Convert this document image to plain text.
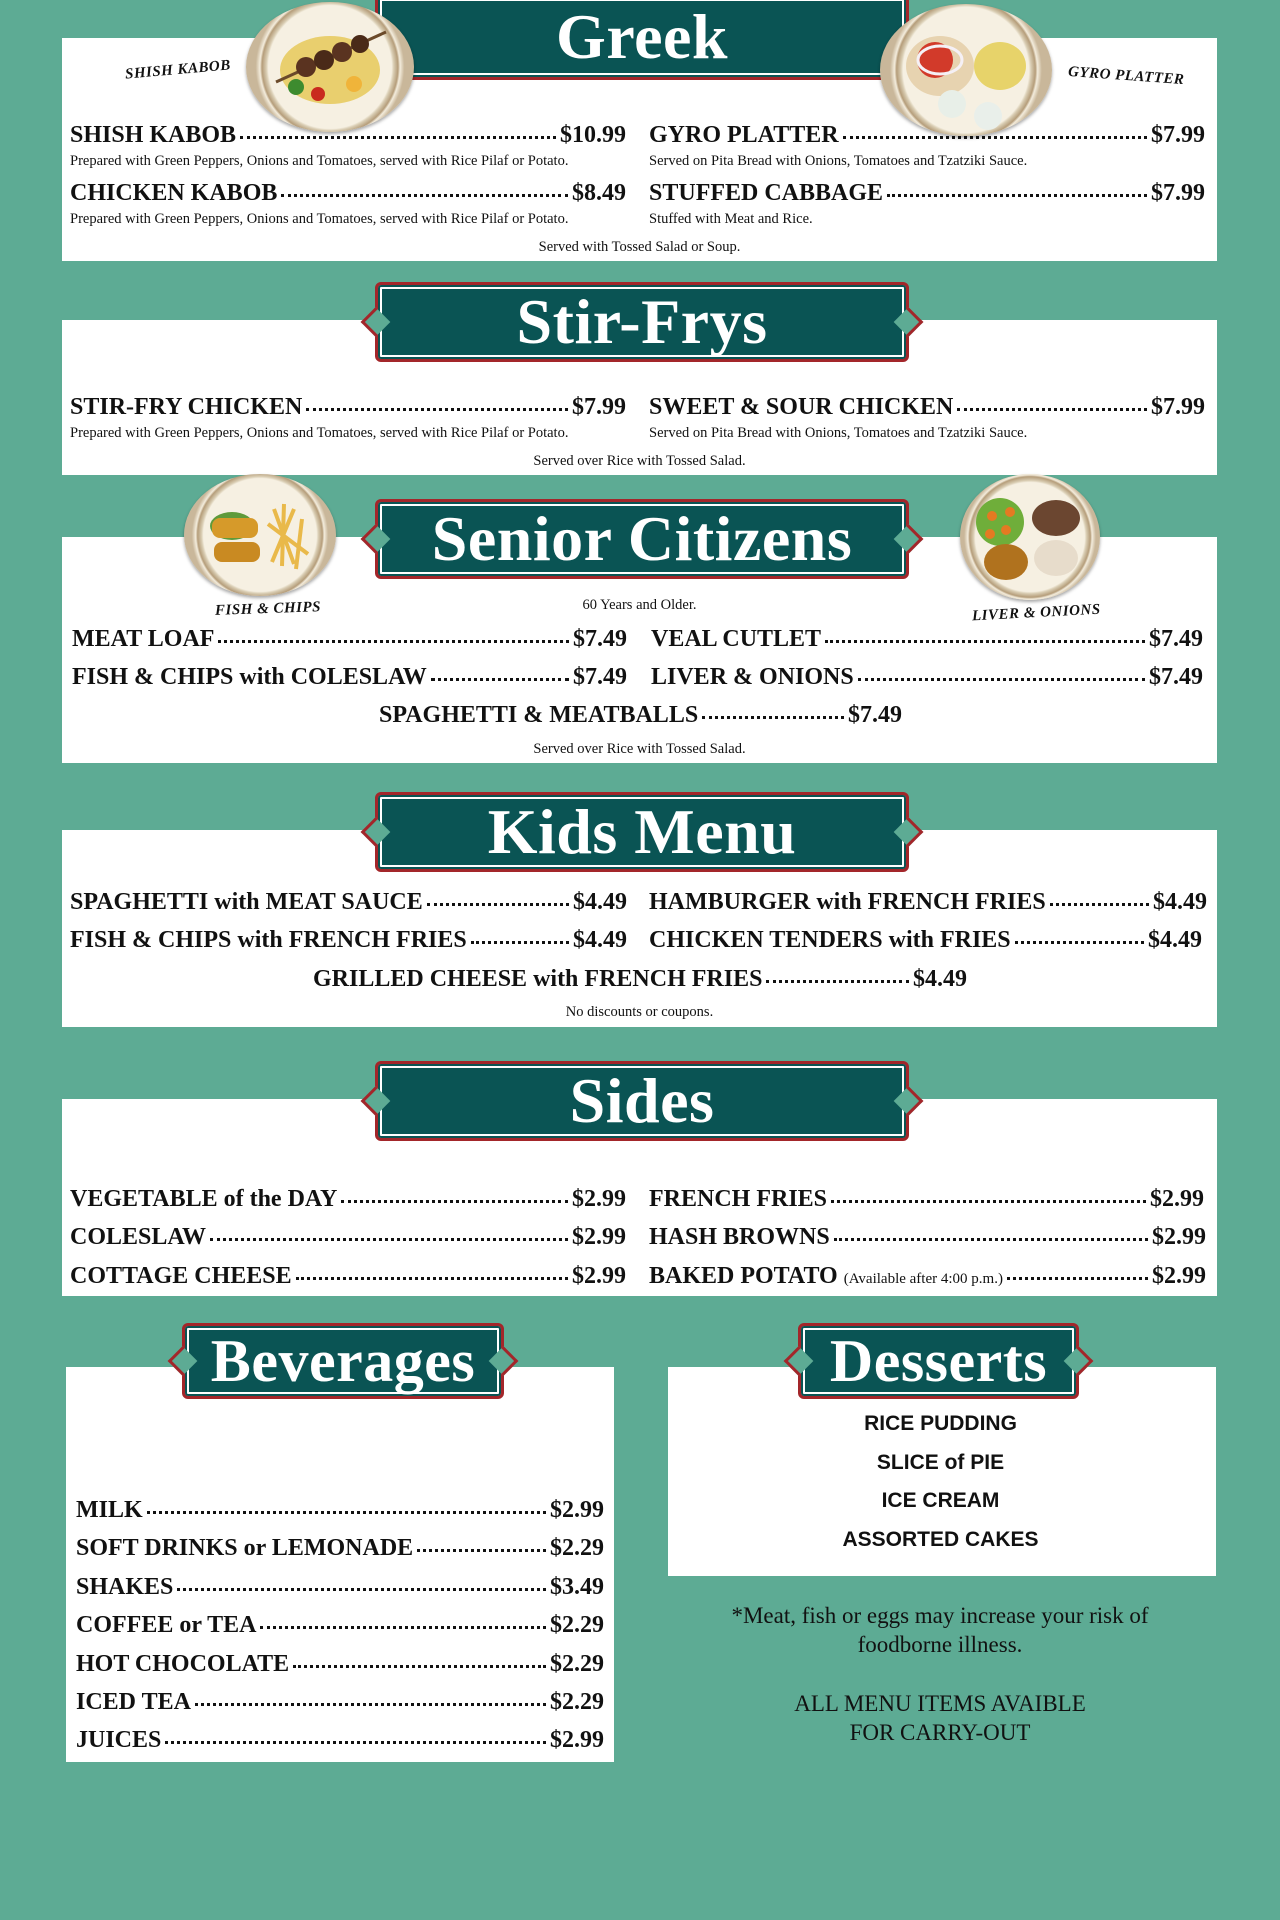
Greek
SHISH KABOB	GYRO PLATTER
SHISH KABOB	$10.99
Prepared with Green Peppers, Onions and Tomatoes, served with Rice Pilaf or Potato.
GYRO PLATTER	$7.99
Served on Pita Bread with Onions, Tomatoes and Tzatziki Sauce.
CHICKEN KABOB	$8.49
Prepared with Green Peppers, Onions and Tomatoes, served with Rice Pilaf or Potato.
STUFFED CABBAGE	$7.99
Stuffed with Meat and Rice.
Served with Tossed Salad or Soup.
Stir-Frys
STIR-FRY CHICKEN	$7.99
Prepared with Green Peppers, Onions and Tomatoes, served with Rice Pilaf or Potato.
SWEET & SOUR CHICKEN	$7.99
Served on Pita Bread with Onions, Tomatoes and Tzatziki Sauce.
Served over Rice with Tossed Salad.
Senior Citizens
FISH & CHIPS	LIVER & ONIONS
60 Years and Older.
MEAT LOAF	$7.49 VEAL CUTLET	$7.49
FISH & CHIPS with COLESLAW	$7.49 LIVER & ONIONS	$7.49
SPAGHETTI & MEATBALLS	$7.49
Served over Rice with Tossed Salad.
Kids Menu
SPAGHETTI with MEAT SAUCE	$4.49 HAMBURGER with FRENCH FRIES	$4.49
FISH & CHIPS with FRENCH FRIES	$4.49 CHICKEN TENDERS with FRIES	$4.49
GRILLED CHEESE with FRENCH FRIES	$4.49
No discounts or coupons.
Sides
VEGETABLE of the DAY	$2.99 FRENCH FRIES	$2.99
COLESLAW	$2.99 HASH BROWNS	$2.99
COTTAGE CHEESE	$2.99 BAKED POTATO (Available after 4:00 p.m.)	$2.99
Beverages
MILK	$2.99
SOFT DRINKS or LEMONADE	$2.29
SHAKES	$3.49
COFFEE or TEA	$2.29
HOT CHOCOLATE	$2.29
ICED TEA	$2.29
JUICES	$2.99
Desserts
RICE PUDDING
SLICE of PIE
ICE CREAM
ASSORTED CAKES
*Meat, fish or eggs may increase your risk of
foodborne illness.
ALL MENU ITEMS AVAIBLE
FOR CARRY-OUT
